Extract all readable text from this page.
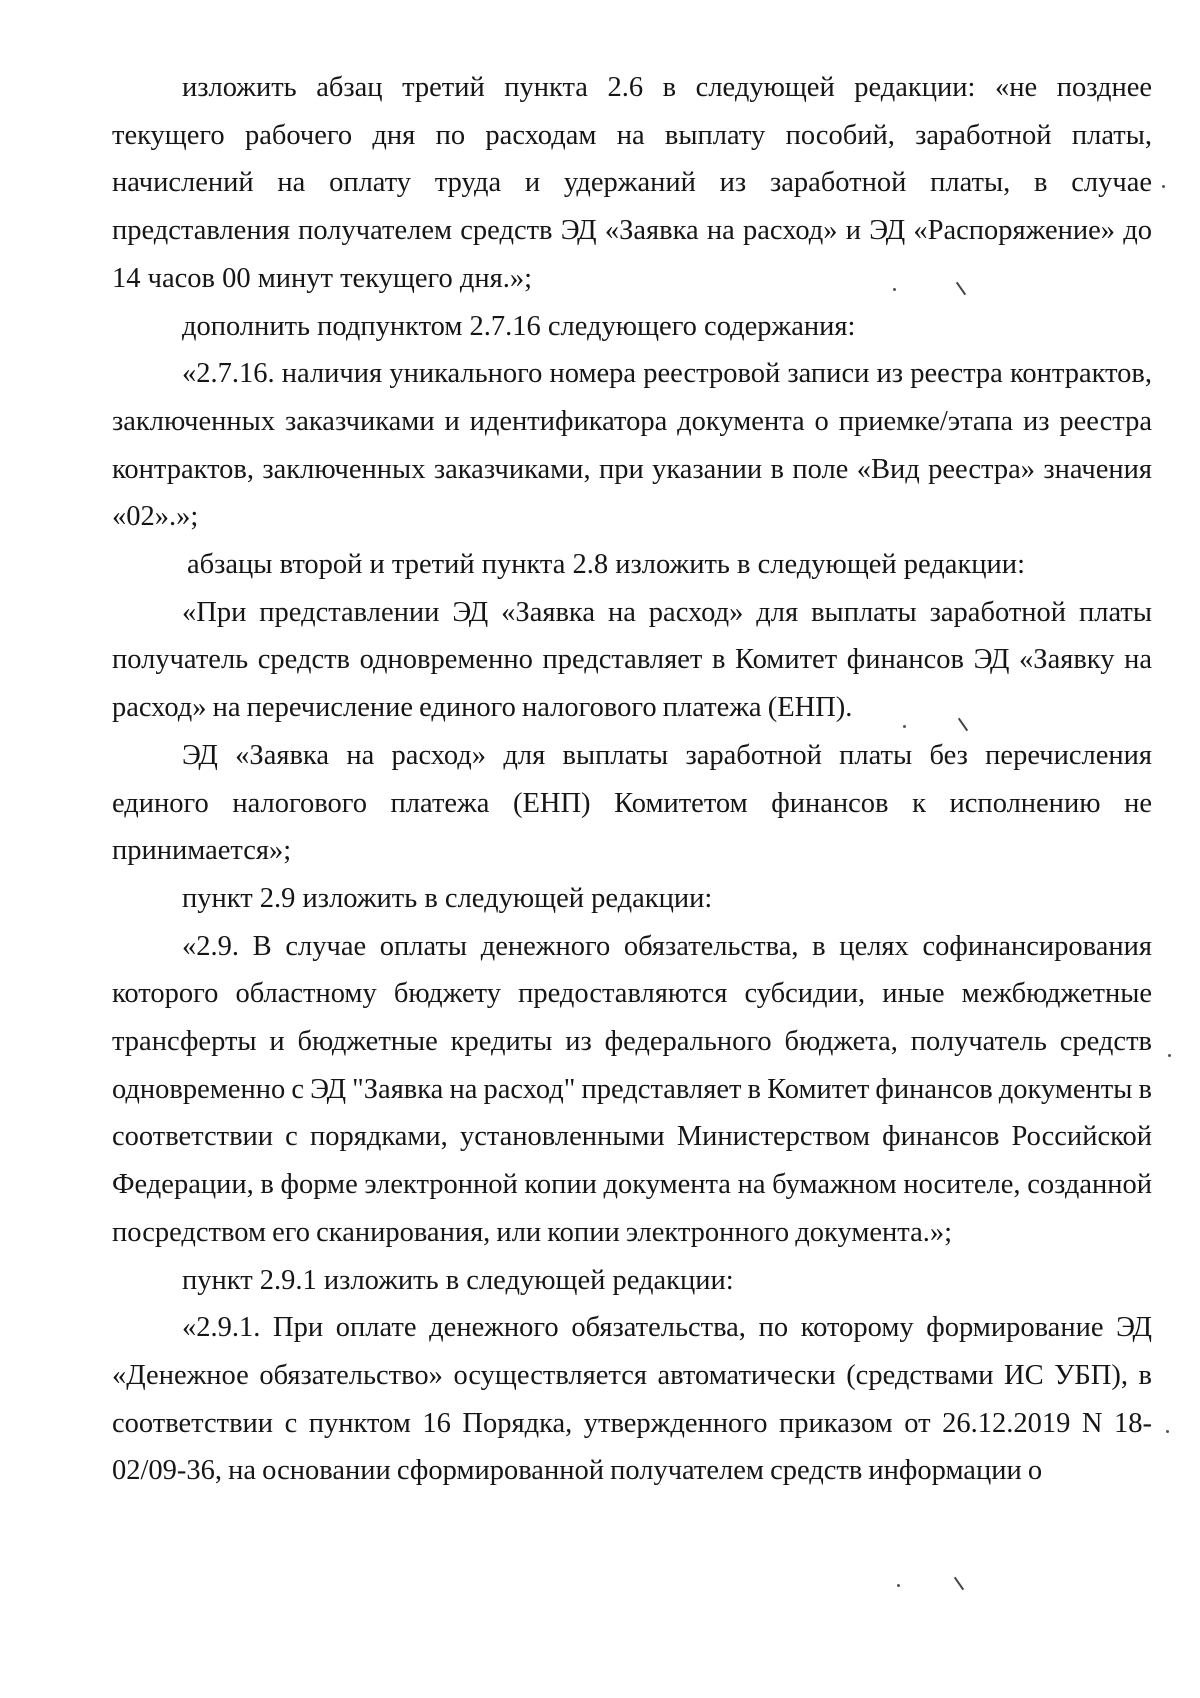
изложить абзац третий пункта 2.6 в следующей редакции: «не позднее текущего рабочего дня по расходам на выплату пособий, заработной платы, начислений на оплату труда и удержаний из заработной платы, в случае представления получателем средств ЭД «Заявка на расход» и ЭД «Распоряжение» до 14 часов 00 минут текущего дня.»;

дополнить подпунктом 2.7.16 следующего содержания:

«2.7.16. наличия уникального номера реестровой записи из реестра контрактов, заключенных заказчиками и идентификатора документа о приемке/этапа из реестра контрактов, заключенных заказчиками, при указании в поле «Вид реестра» значения «02».»;

абзацы второй и третий пункта 2.8 изложить в следующей редакции:

«При представлении ЭД «Заявка на расход» для выплаты заработной платы получатель средств одновременно представляет в Комитет финансов ЭД «Заявку на расход» на перечисление единого налогового платежа (ЕНП).

ЭД «Заявка на расход» для выплаты заработной платы без перечисления единого налогового платежа (ЕНП) Комитетом финансов к исполнению не принимается»;

пункт 2.9 изложить в следующей редакции:

«2.9. В случае оплаты денежного обязательства, в целях софинансирования которого областному бюджету предоставляются субсидии, иные межбюджетные трансферты и бюджетные кредиты из федерального бюджета, получатель средств одновременно с ЭД "Заявка на расход" представляет в Комитет финансов документы в соответствии с порядками, установленными Министерством финансов Российской Федерации, в форме электронной копии документа на бумажном носителе, созданной посредством его сканирования, или копии электронного документа.»;

пункт 2.9.1 изложить в следующей редакции:

«2.9.1. При оплате денежного обязательства, по которому формирование ЭД «Денежное обязательство» осуществляется автоматически (средствами ИС УБП), в соответствии с пунктом 16 Порядка, утвержденного приказом от 26.12.2019 N 18-02/09-36, на основании сформированной получателем средств информации о
